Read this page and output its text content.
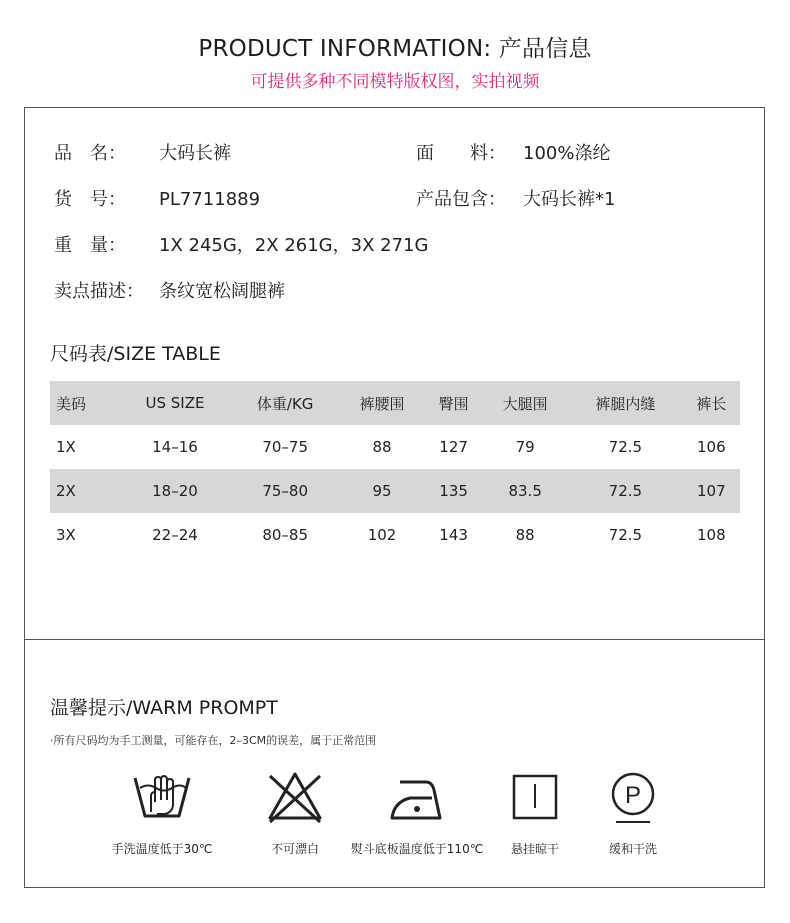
PRODUCT INFORMATION: 产品信息
可提供多种不同模特版权图，实拍视频
品　名： 大码长裤	面　　料： 100%涤纶
货　号： PL7711889	产品包含： 大码长裤*1
重　量： 1X 245G，2X 261G，3X 271G
卖点描述： 条纹宽松阔腿裤
尺码表/SIZE TABLE
美码	US SIZE	体重/KG	裤腰围	臀围	大腿围	裤腿内缝	裤长
1X	14–16	70–75	88	127	79	72.5	106
2X	18–20	75–80	95	135	83.5	72.5	107
3X	22–24	80–85	102	143	88	72.5	108
温馨提示/WARM PROMPT
·所有尺码均为手工测量，可能存在，2–3CM的误差，属于正常范围
手洗温度低于30℃	不可漂白	熨斗底板温度低于110℃	悬挂晾干
P
缓和干洗
